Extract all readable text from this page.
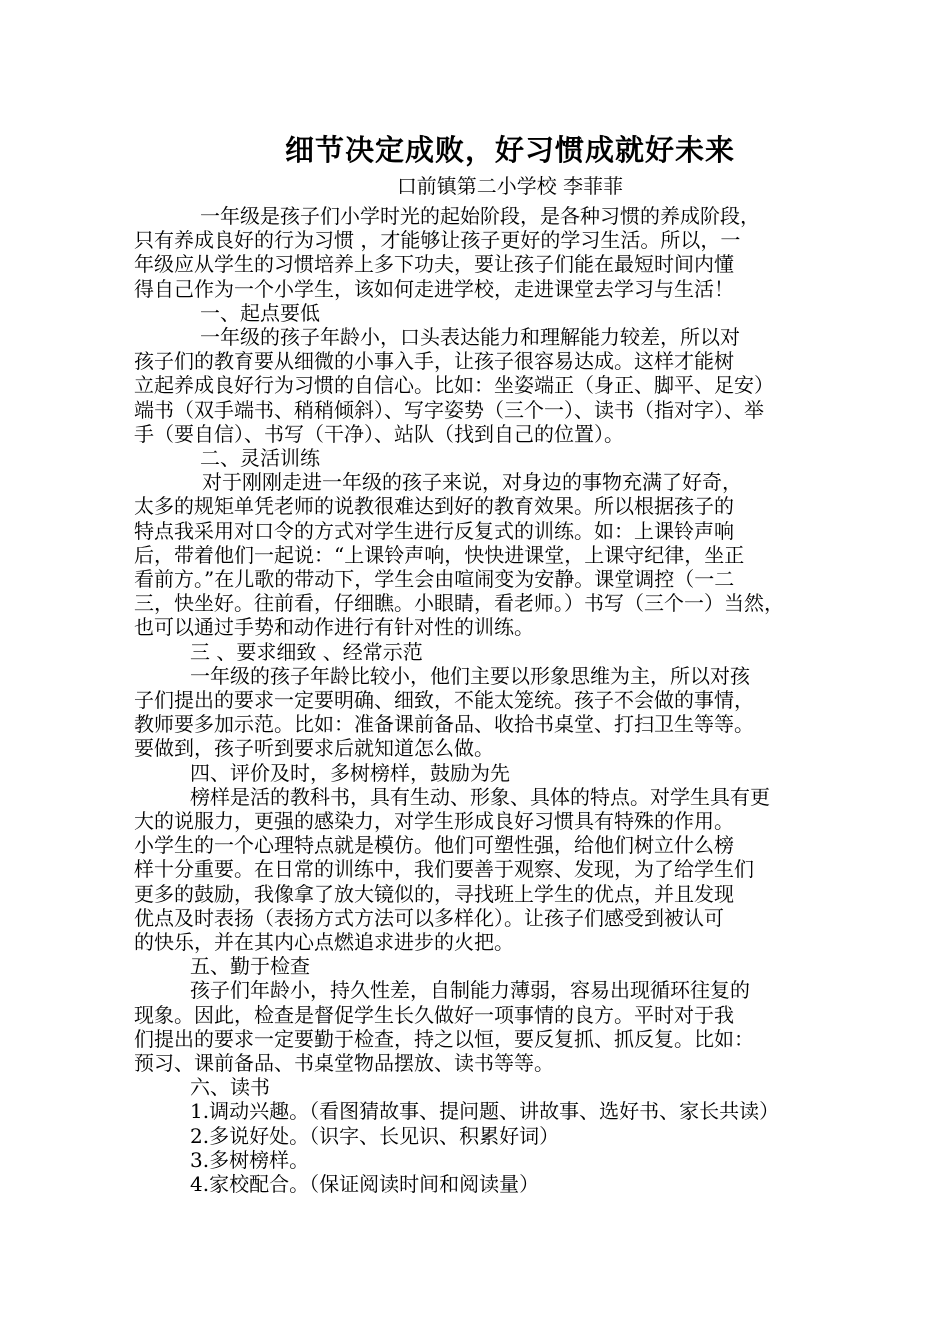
细节决定成败，好习惯成就好未来
口前镇第二小学校 李菲菲
一年级是孩子们小学时光的起始阶段，是各种习惯的养成阶段，
只有养成良好的行为习惯 ，才能够让孩子更好的学习生活。所以，一
年级应从学生的习惯培养上多下功夫，要让孩子们能在最短时间内懂
得自己作为一个小学生，该如何走进学校，走进课堂去学习与生活！
一、起点要低
一年级的孩子年龄小，口头表达能力和理解能力较差，所以对
孩子们的教育要从细微的小事入手，让孩子很容易达成。这样才能树
立起养成良好行为习惯的自信心。比如：坐姿端正（身正、脚平、足安）
端书（双手端书、稍稍倾斜）、写字姿势（三个一）、读书（指对字）、举
手（要自信）、书写（干净）、站队（找到自己的位置）。
二、灵活训练
对于刚刚走进一年级的孩子来说，对身边的事物充满了好奇，
太多的规矩单凭老师的说教很难达到好的教育效果。所以根据孩子的
特点我采用对口令的方式对学生进行反复式的训练。如：上课铃声响
后，带着他们一起说：“上课铃声响，快快进课堂，上课守纪律，坐正
看前方。”在儿歌的带动下，学生会由喧闹变为安静。课堂调控（一二
三，快坐好。往前看，仔细瞧。小眼睛，看老师。）书写（三个一）当然，
也可以通过手势和动作进行有针对性的训练。
三 、要求细致 、经常示范
一年级的孩子年龄比较小，他们主要以形象思维为主，所以对孩
子们提出的要求一定要明确、细致，不能太笼统。孩子不会做的事情，
教师要多加示范。比如：准备课前备品、收拾书桌堂、打扫卫生等等。
要做到，孩子听到要求后就知道怎么做。
四、评价及时，多树榜样，鼓励为先
榜样是活的教科书，具有生动、形象、具体的特点。对学生具有更
大的说服力，更强的感染力，对学生形成良好习惯具有特殊的作用。
小学生的一个心理特点就是模仿。他们可塑性强，给他们树立什么榜
样十分重要。在日常的训练中，我们要善于观察、发现，为了给学生们
更多的鼓励，我像拿了放大镜似的，寻找班上学生的优点，并且发现
优点及时表扬（表扬方式方法可以多样化）。让孩子们感受到被认可
的快乐，并在其内心点燃追求进步的火把。
五、勤于检查
孩子们年龄小，持久性差，自制能力薄弱，容易出现循环往复的
现象。因此，检查是督促学生长久做好一项事情的良方。平时对于我
们提出的要求一定要勤于检查，持之以恒，要反复抓、抓反复。比如：
预习、课前备品、书桌堂物品摆放、读书等等。
六、读书
1.调动兴趣。（看图猜故事、提问题、讲故事、选好书、家长共读）
2.多说好处。（识字、长见识、积累好词）
3.多树榜样。
4.家校配合。（保证阅读时间和阅读量）
